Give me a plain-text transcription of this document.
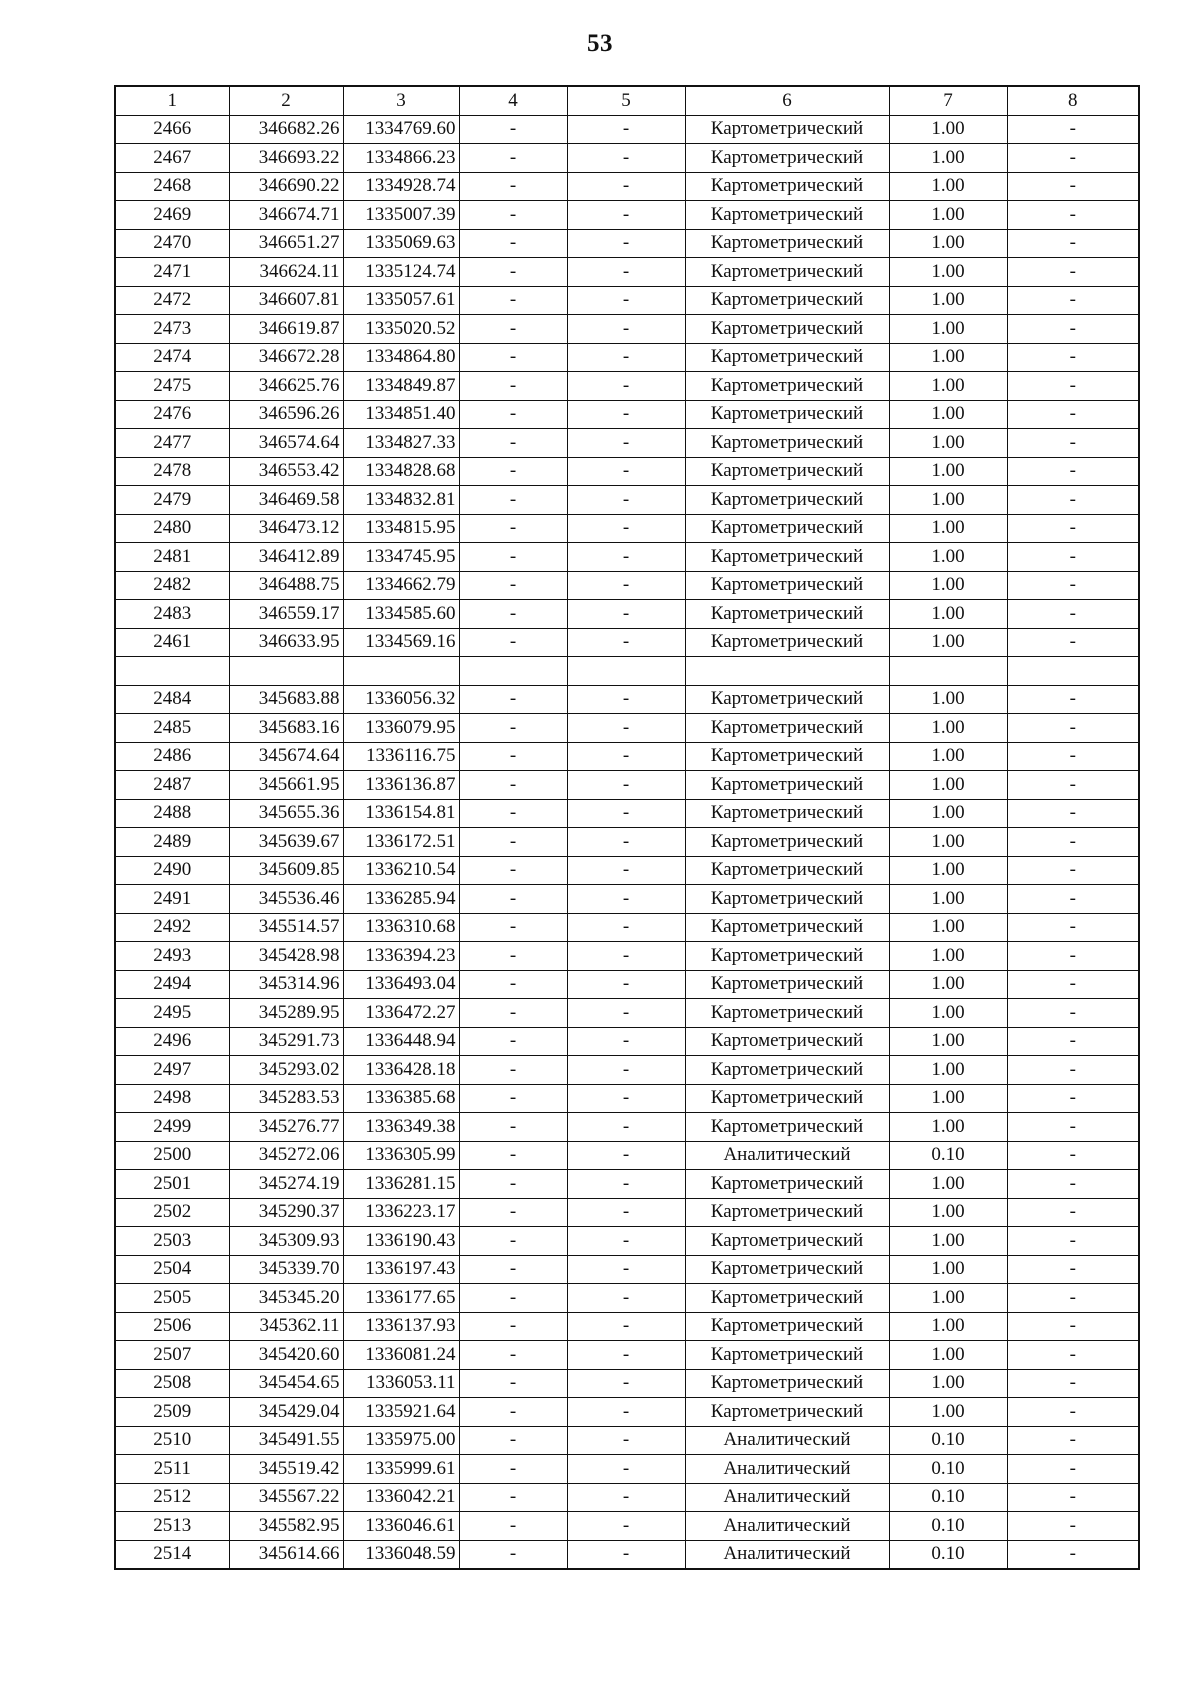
53
1	2	3	4	5	6	7	8
2466	346682.26	1334769.60	-	-	Картометрический	1.00	-
2467	346693.22	1334866.23	-	-	Картометрический	1.00	-
2468	346690.22	1334928.74	-	-	Картометрический	1.00	-
2469	346674.71	1335007.39	-	-	Картометрический	1.00	-
2470	346651.27	1335069.63	-	-	Картометрический	1.00	-
2471	346624.11	1335124.74	-	-	Картометрический	1.00	-
2472	346607.81	1335057.61	-	-	Картометрический	1.00	-
2473	346619.87	1335020.52	-	-	Картометрический	1.00	-
2474	346672.28	1334864.80	-	-	Картометрический	1.00	-
2475	346625.76	1334849.87	-	-	Картометрический	1.00	-
2476	346596.26	1334851.40	-	-	Картометрический	1.00	-
2477	346574.64	1334827.33	-	-	Картометрический	1.00	-
2478	346553.42	1334828.68	-	-	Картометрический	1.00	-
2479	346469.58	1334832.81	-	-	Картометрический	1.00	-
2480	346473.12	1334815.95	-	-	Картометрический	1.00	-
2481	346412.89	1334745.95	-	-	Картометрический	1.00	-
2482	346488.75	1334662.79	-	-	Картометрический	1.00	-
2483	346559.17	1334585.60	-	-	Картометрический	1.00	-
2461	346633.95	1334569.16	-	-	Картометрический	1.00	-

2484	345683.88	1336056.32	-	-	Картометрический	1.00	-
2485	345683.16	1336079.95	-	-	Картометрический	1.00	-
2486	345674.64	1336116.75	-	-	Картометрический	1.00	-
2487	345661.95	1336136.87	-	-	Картометрический	1.00	-
2488	345655.36	1336154.81	-	-	Картометрический	1.00	-
2489	345639.67	1336172.51	-	-	Картометрический	1.00	-
2490	345609.85	1336210.54	-	-	Картометрический	1.00	-
2491	345536.46	1336285.94	-	-	Картометрический	1.00	-
2492	345514.57	1336310.68	-	-	Картометрический	1.00	-
2493	345428.98	1336394.23	-	-	Картометрический	1.00	-
2494	345314.96	1336493.04	-	-	Картометрический	1.00	-
2495	345289.95	1336472.27	-	-	Картометрический	1.00	-
2496	345291.73	1336448.94	-	-	Картометрический	1.00	-
2497	345293.02	1336428.18	-	-	Картометрический	1.00	-
2498	345283.53	1336385.68	-	-	Картометрический	1.00	-
2499	345276.77	1336349.38	-	-	Картометрический	1.00	-
2500	345272.06	1336305.99	-	-	Аналитический	0.10	-
2501	345274.19	1336281.15	-	-	Картометрический	1.00	-
2502	345290.37	1336223.17	-	-	Картометрический	1.00	-
2503	345309.93	1336190.43	-	-	Картометрический	1.00	-
2504	345339.70	1336197.43	-	-	Картометрический	1.00	-
2505	345345.20	1336177.65	-	-	Картометрический	1.00	-
2506	345362.11	1336137.93	-	-	Картометрический	1.00	-
2507	345420.60	1336081.24	-	-	Картометрический	1.00	-
2508	345454.65	1336053.11	-	-	Картометрический	1.00	-
2509	345429.04	1335921.64	-	-	Картометрический	1.00	-
2510	345491.55	1335975.00	-	-	Аналитический	0.10	-
2511	345519.42	1335999.61	-	-	Аналитический	0.10	-
2512	345567.22	1336042.21	-	-	Аналитический	0.10	-
2513	345582.95	1336046.61	-	-	Аналитический	0.10	-
2514	345614.66	1336048.59	-	-	Аналитический	0.10	-
